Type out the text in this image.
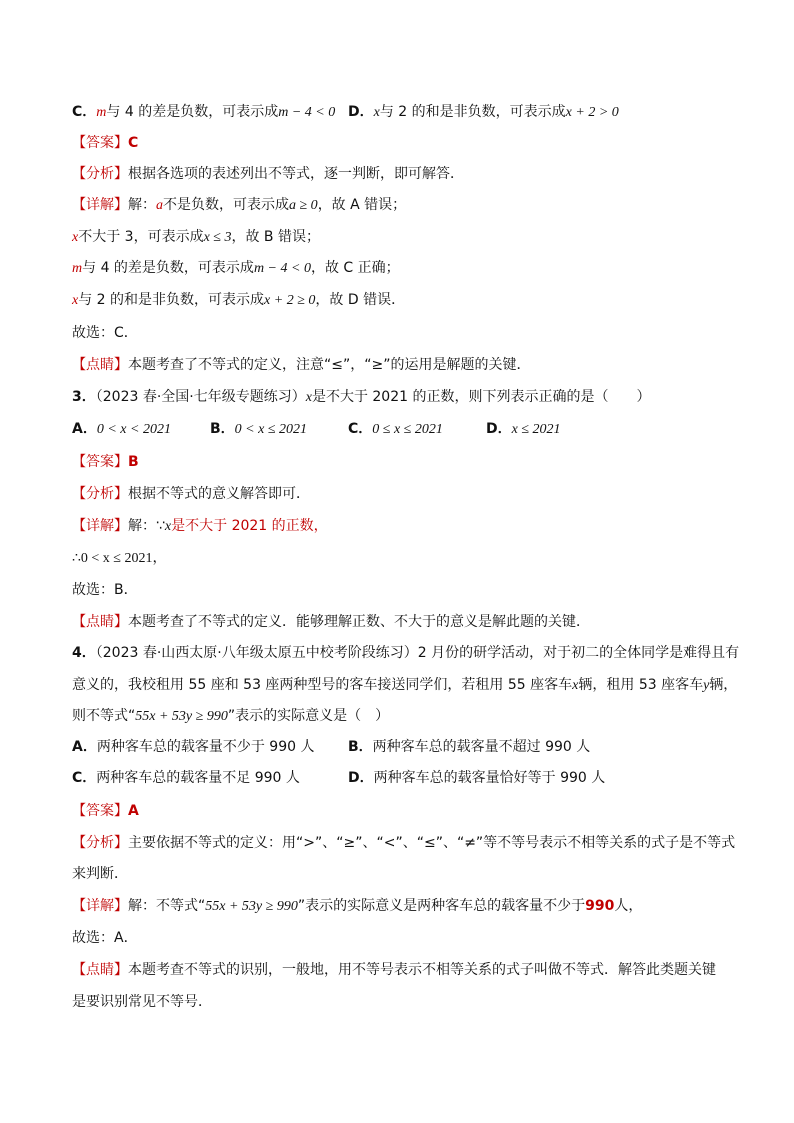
C．m与 4 的差是负数，可表示成m − 4 < 0 D．x与 2 的和是非负数，可表示成x + 2 > 0
【答案】C
【分析】根据各选项的表述列出不等式，逐一判断，即可解答．
【详解】解：a不是负数，可表示成a ≥ 0，故 A 错误；
x不大于 3，可表示成x ≤ 3，故 B 错误；
m与 4 的差是负数，可表示成m − 4 < 0，故 C 正确；
x与 2 的和是非负数，可表示成x + 2 ≥ 0，故 D 错误．
故选：C．
【点睛】本题考查了不等式的定义，注意“≤”，“≥”的运用是解题的关键．
3．（2023 春·全国·七年级专题练习）x是不大于 2021 的正数，则下列表示正确的是（　　）
A．0 < x < 2021	B．0 < x ≤ 2021	C．0 ≤ x ≤ 2021	D．x ≤ 2021
【答案】B
【分析】根据不等式的意义解答即可．
【详解】解：∵x是不大于 2021 的正数，
∴0 < x ≤ 2021，
故选：B．
【点睛】本题考查了不等式的定义．能够理解正数、不大于的意义是解此题的关键．
4．（2023 春·山西太原·八年级太原五中校考阶段练习）2 月份的研学活动，对于初二的全体同学是难得且有
意义的，我校租用 55 座和 53 座两种型号的客车接送同学们，若租用 55 座客车x辆，租用 53 座客车y辆，
则不等式“55x + 53y ≥ 990”表示的实际意义是（　）
A．两种客车总的载客量不少于 990 人 B．两种客车总的载客量不超过 990 人
C．两种客车总的载客量不足 990 人	D．两种客车总的载客量恰好等于 990 人
【答案】A
【分析】主要依据不等式的定义：用“>”、“≥”、“<”、“≤”、“≠”等不等号表示不相等关系的式子是不等式
来判断．
【详解】解：不等式“55x + 53y ≥ 990”表示的实际意义是两种客车总的载客量不少于990人，
故选：A．
【点睛】本题考查不等式的识别，一般地，用不等号表示不相等关系的式子叫做不等式．解答此类题关键
是要识别常见不等号．
